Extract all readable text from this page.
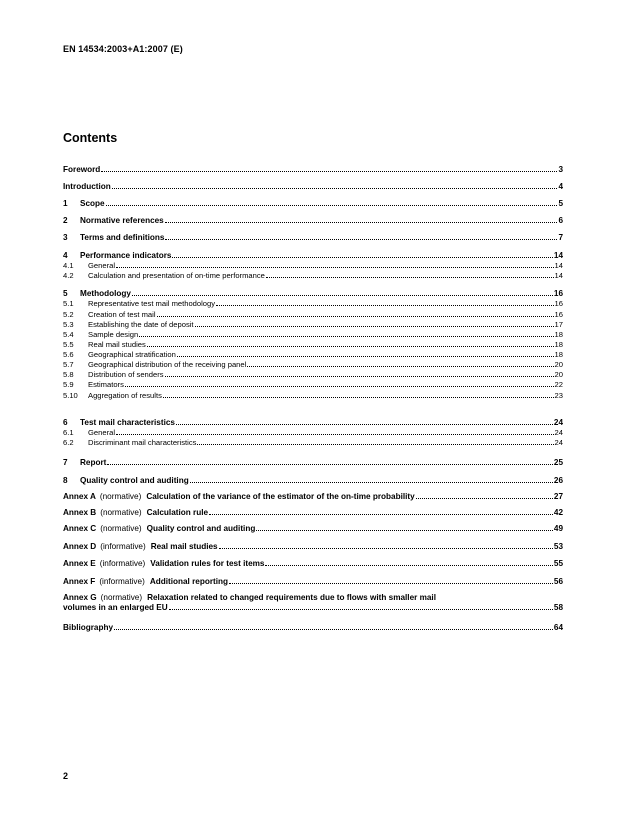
EN 14534:2003+A1:2007 (E)
Contents
Foreword	3
Introduction	4
1	Scope	5
2	Normative references	6
3	Terms and definitions	7
4	Performance indicators	14
4.1	General	14
4.2	Calculation and presentation of on-time performance	14
5	Methodology	16
5.1	Representative test mail methodology	16
5.2	Creation of test mail	16
5.3	Establishing the date of deposit	17
5.4	Sample design	18
5.5	Real mail studies	18
5.6	Geographical stratification	18
5.7	Geographical distribution of the receiving panel	20
5.8	Distribution of senders	20
5.9	Estimators	22
5.10	Aggregation of results	23
6	Test mail characteristics	24
6.1	General	24
6.2	Discriminant mail characteristics	24
7	Report	25
8	Quality control and auditing	26
Annex A (normative) Calculation of the variance of the estimator of the on-time probability	27
Annex B (normative) Calculation rule	42
Annex C (normative) Quality control and auditing	49
Annex D (informative) Real mail studies	53
Annex E (informative) Validation rules for test items	55
Annex F (informative) Additional reporting	56
Annex G (normative) Relaxation related to changed requirements due to flows with smaller mail
volumes in an enlarged EU	58
Bibliography	64
2
